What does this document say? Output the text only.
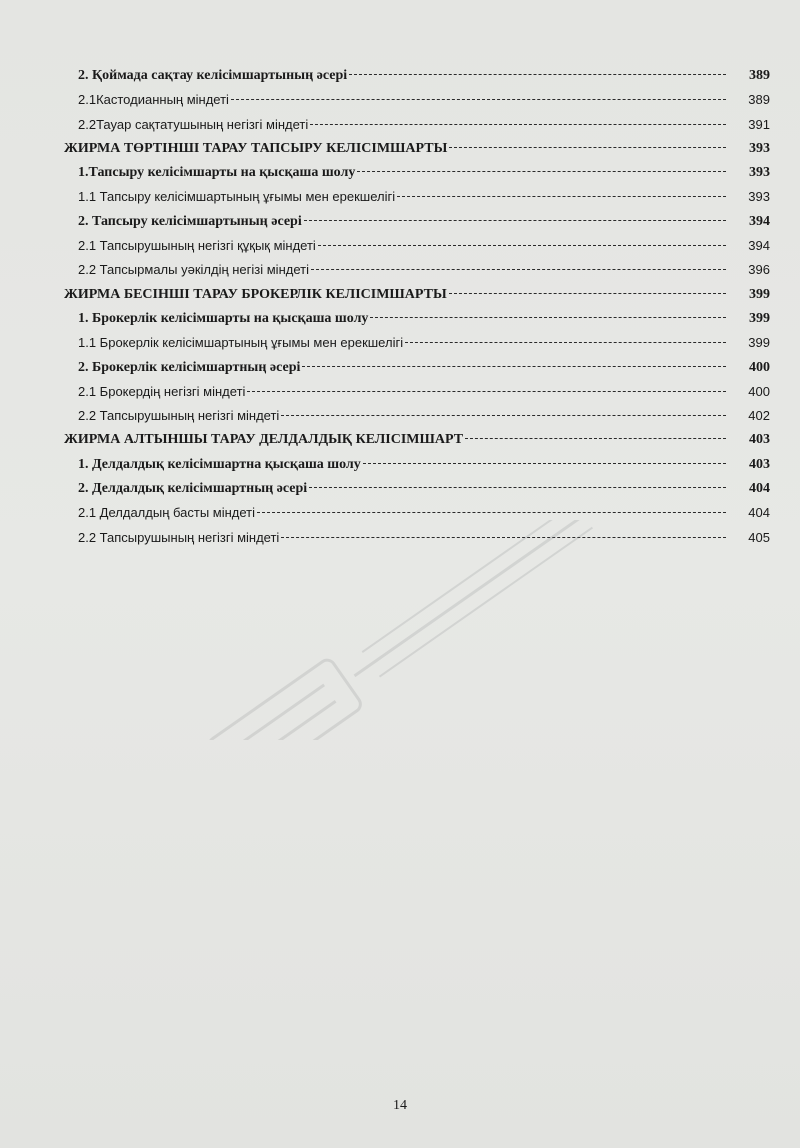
2. Қоймада сақтау келісімшартының әсері	389
2.1Кастодианның міндеті	389
2.2Тауар сақтатушының негізгі міндеті	391
ЖИРМА ТӨРТІНШІ ТАРАУ ТАПСЫРУ КЕЛІСІМШАРТЫ	393
1.Тапсыру келісімшарты на қысқаша шолу	393
1.1 Тапсыру келісімшартының ұғымы мен ерекшелігі	393
2. Тапсыру келісімшартының әсері	394
2.1 Тапсырушының негізгі құқық міндеті	394
2.2 Тапсырмалы уәкілдің негізі міндеті	396
ЖИРМА БЕСІНШІ ТАРАУ БРОКЕРЛІК КЕЛІСІМШАРТЫ	399
1. Брокерлік келісімшарты на қысқаша шолу	399
1.1 Брокерлік келісімшартының ұғымы мен ерекшелігі	399
2. Брокерлік келісімшартның әсері	400
2.1 Брокердің негізгі міндеті	400
2.2 Тапсырушының негізгі міндеті	402
ЖИРМА АЛТЫНШЫ ТАРАУ ДЕЛДАЛДЫҚ КЕЛІСІМШАРТ	403
1. Делдалдық келісімшартна қысқаша шолу	403
2. Делдалдық келісімшартның әсері	404
2.1 Делдалдың басты міндеті	404
2.2 Тапсырушының негізгі міндеті	405
14
